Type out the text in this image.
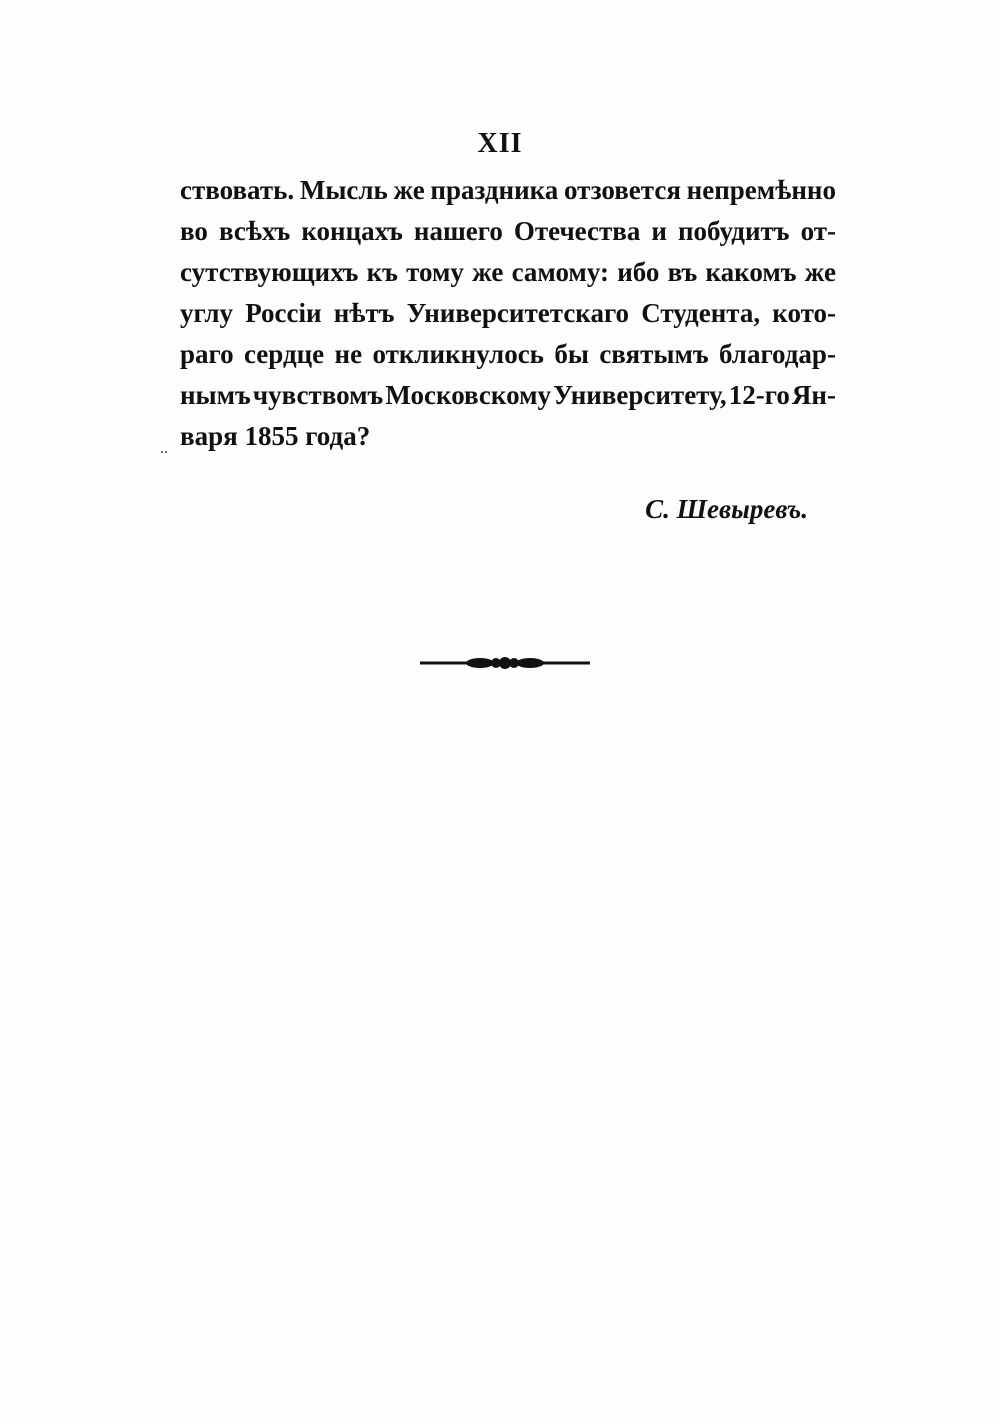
XII
ствовать. Мысль же праздника отзовется непремѣнно
во всѣхъ концахъ нашего Отечества и побудитъ от-
сутствующихъ къ тому же самому: ибо въ какомъ же
углу Россіи нѣтъ Университетскаго Студента, кото-
раго сердце не откликнулось бы святымъ благодар-
нымъ чувствомъ Московскому Университету, 12-го Ян-
варя 1855 года?
..
С. Шевыревъ.
